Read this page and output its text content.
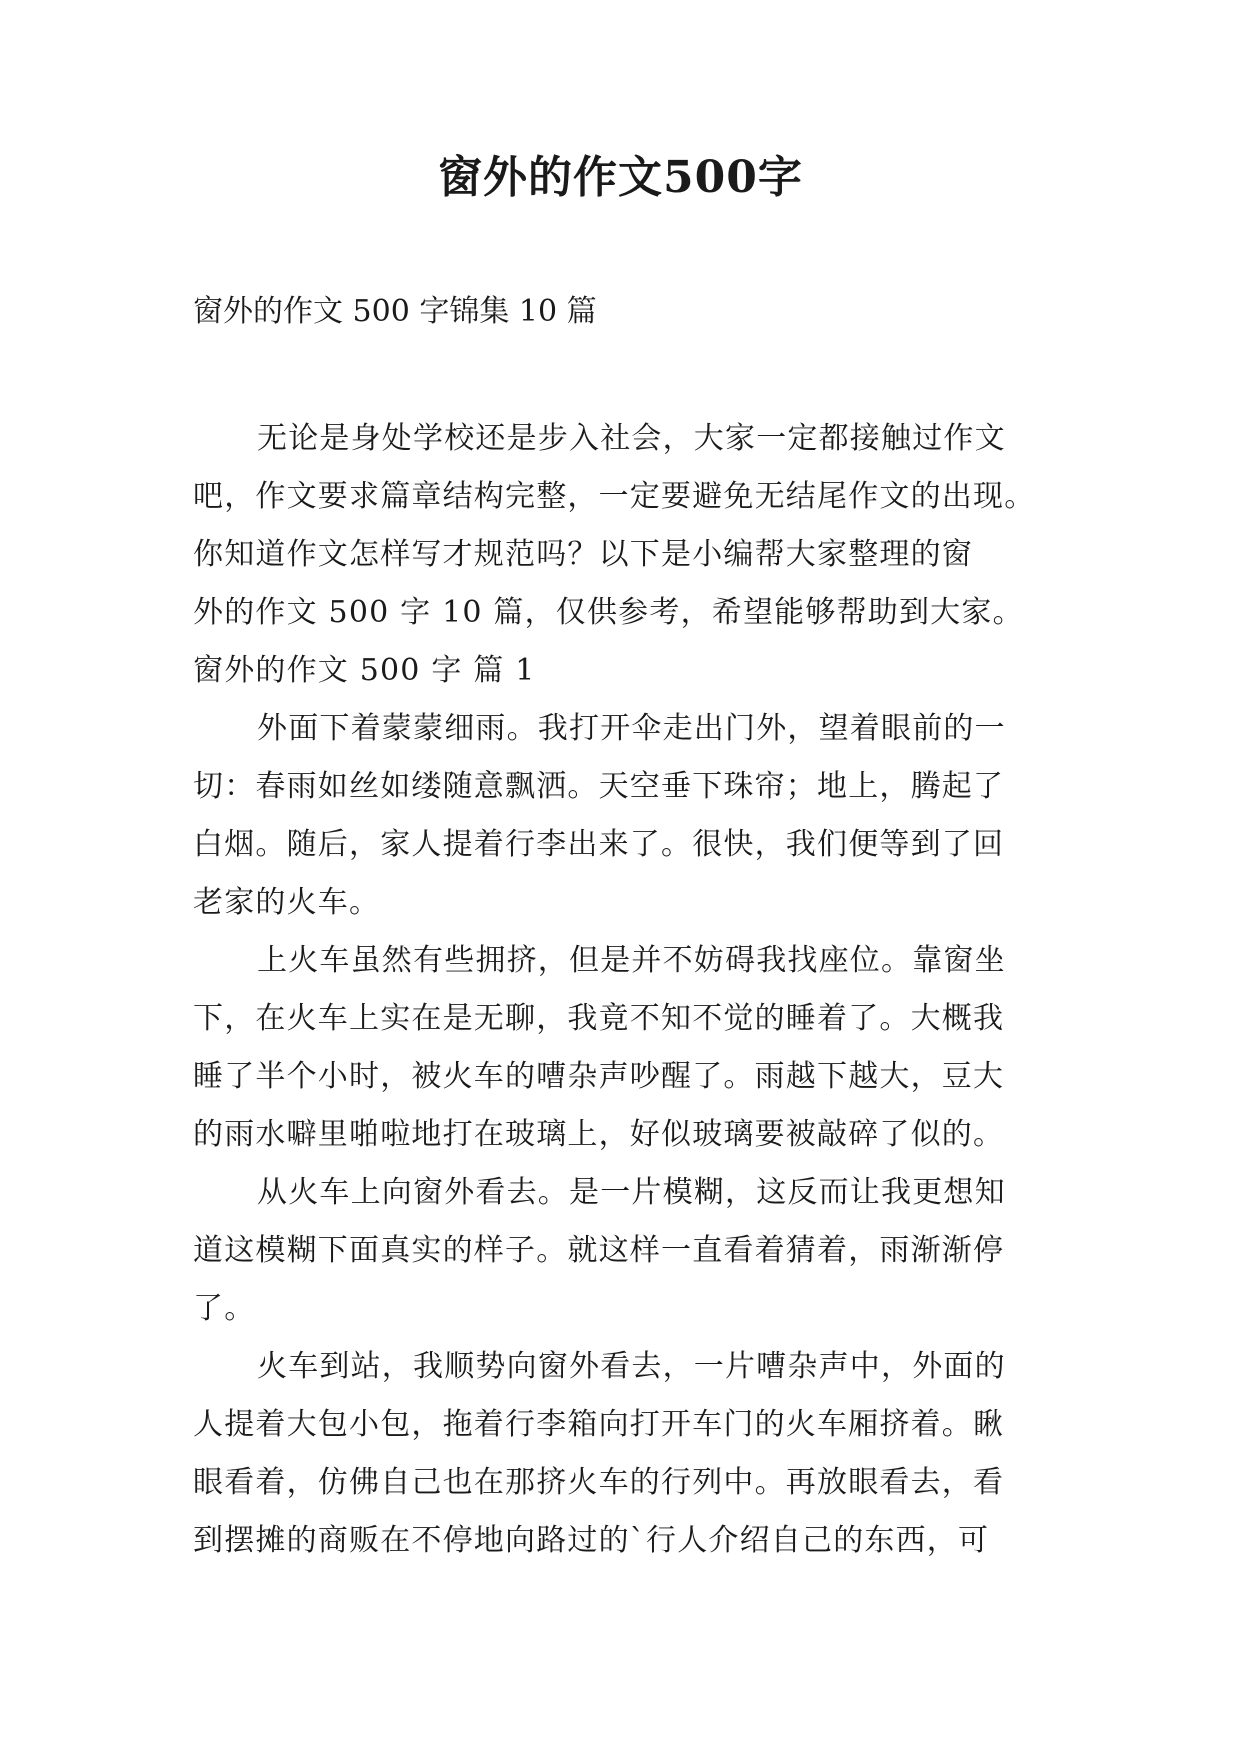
窗外的作文500字
窗外的作文 500 字锦集 10 篇
无论是身处学校还是步入社会，大家一定都接触过作文
吧，作文要求篇章结构完整，一定要避免无结尾作文的出现。
你知道作文怎样写才规范吗？以下是小编帮大家整理的窗
外的作文 500 字 10 篇，仅供参考，希望能够帮助到大家。
窗外的作文 500 字 篇 1
外面下着蒙蒙细雨。我打开伞走出门外，望着眼前的一
切：春雨如丝如缕随意飘洒。天空垂下珠帘；地上，腾起了
白烟。随后，家人提着行李出来了。很快，我们便等到了回
老家的火车。
上火车虽然有些拥挤，但是并不妨碍我找座位。靠窗坐
下，在火车上实在是无聊，我竟不知不觉的睡着了。大概我
睡了半个小时，被火车的嘈杂声吵醒了。雨越下越大，豆大
的雨水噼里啪啦地打在玻璃上，好似玻璃要被敲碎了似的。
从火车上向窗外看去。是一片模糊，这反而让我更想知
道这模糊下面真实的样子。就这样一直看着猜着，雨渐渐停
了。
火车到站，我顺势向窗外看去，一片嘈杂声中，外面的
人提着大包小包，拖着行李箱向打开车门的火车厢挤着。瞅
眼看着，仿佛自己也在那挤火车的行列中。再放眼看去，看
到摆摊的商贩在不停地向路过的`行人介绍自己的东西，可
